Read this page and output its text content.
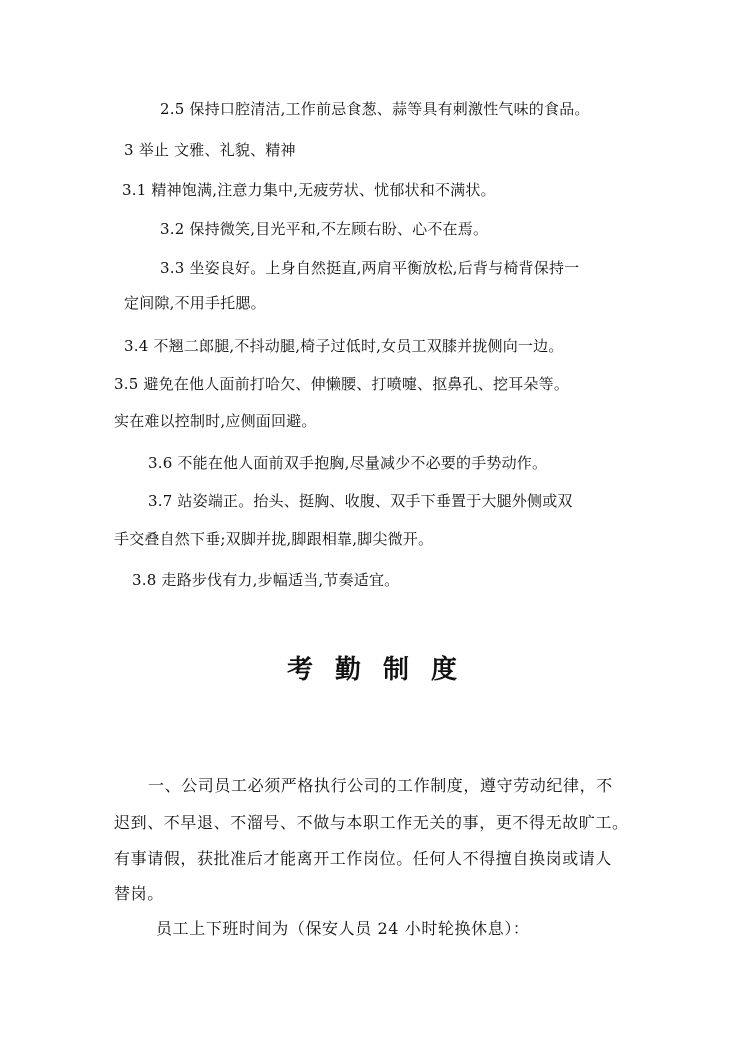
2.5 保持口腔清洁,工作前忌食葱、蒜等具有刺激性气味的食品。
3 举止 文雅、礼貌、精神
3.1 精神饱满,注意力集中,无疲劳状、忧郁状和不满状。
3.2 保持微笑,目光平和,不左顾右盼、心不在焉。
3.3 坐姿良好。上身自然挺直,两肩平衡放松,后背与椅背保持一
定间隙,不用手托腮。
3.4 不翘二郎腿,不抖动腿,椅子过低时,女员工双膝并拢侧向一边。
3.5 避免在他人面前打哈欠、伸懒腰、打喷嚏、抠鼻孔、挖耳朵等。
实在难以控制时,应侧面回避。
3.6 不能在他人面前双手抱胸,尽量减少不必要的手势动作。
3.7 站姿端正。抬头、挺胸、收腹、双手下垂置于大腿外侧或双
手交叠自然下垂;双脚并拢,脚跟相靠,脚尖微开。
3.8 走路步伐有力,步幅适当,节奏适宜。
考勤制度
一、公司员工必须严格执行公司的工作制度，遵守劳动纪律，不
迟到、不早退、不溜号、不做与本职工作无关的事，更不得无故旷工。
有事请假，获批准后才能离开工作岗位。任何人不得擅自换岗或请人
替岗。
员工上下班时间为（保安人员 24 小时轮换休息）：
